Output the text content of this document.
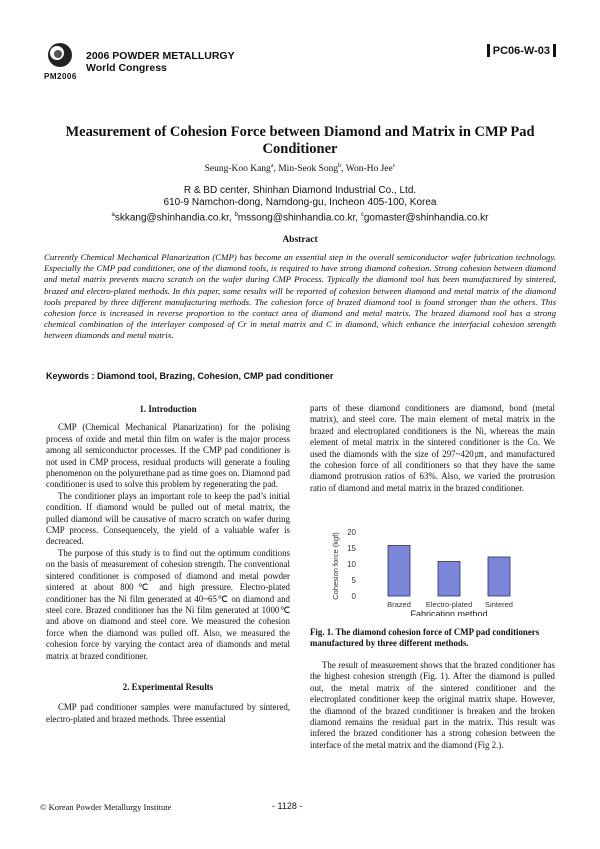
PM2006
2006 POWDER METALLURGY
World Congress
PC06-W-03
Measurement of Cohesion Force between Diamond and Matrix in CMP Pad
Conditioner
Seung-Koo Kang$^a$, Min-Seok Song$^b$, Won-Ho Jee$^c$
R & BD center, Shinhan Diamond Industrial Co., Ltd.
610-9 Namchon-dong, Namdong-gu, Incheon 405-100, Korea
$^a$skkang@shinhandia.co.kr, $^b$mssong@shinhandia.co.kr, $^c$gomaster@shinhandia.co.kr
Abstract

Currently Chemical Mechanical Planarization (CMP) has become an essential step in the overall semiconductor wafer fabrication technology. Especially the CMP pad conditioner, one of the diamond tools, is required to have strong diamond cohesion. Strong cohesion between diamond and metal matrix prevents macro scratch on the wafer during CMP Process. Typically the diamond tool has been manufactured by sintered, brazed and electro-plated methods. In this paper, some results will be reported of cohesion between diamond and metal matrix of the diamond tools prepared by three different manufacturing methods. The cohesion force of brazed diamond tool is found stronger than the others. This cohesion force is increased in reverse proportion to the contact area of diamond and metal matrix. The brazed diamond tool has a strong chemical combination of the interlayer composed of Cr in metal matrix and C in diamond, which enhance the interfacial cohesion strength between diamonds and metal matrix.

Keywords : Diamond tool, Brazing, Cohesion, CMP pad conditioner

1. Introduction

CMP (Chemical Mechanical Planarization) for the polising process of oxide and metal thin film on wafer is the major process among all semiconductor processes. If the CMP pad conditioner is not used in CMP process, residual products will generate a fouling phenomenon on the polyurethane pad as time goes on. Diamond pad conditioner is used to solve this problem by regenerating the pad.

The conditioner plays an important role to keep the pad’s initial condition. If diamond would be pulled out of metal matrix, the pulled diamond will be causative of macro scratch on wafer during CMP process. Consequencely, the yield of a valuable wafer is decreaced.

The purpose of this study is to find out the optimum conditions on the basis of measurement of cohesion strength. The conventional sintered conditioner is composed of diamond and metal powder sintered at about 800℃ and high pressure. Electro-plated conditioner has the Ni film generated at 40~65℃ on diamond and steel core. Brazed conditioner has the Ni film generated at 1000℃ and above on diamond and steel core. We measured the cohesion force when the diamond was pulled off. Also, we measured the cohesion force by varying the contact area of diamonds and metal matrix at brazed conditioner.

2. Experimental Results

CMP pad conditioner samples were manufactured by sintered, electro-plated and brazed methods. Three essential

parts of these diamond conditioners are diamond, bond (metal matrix), and steel core. The main element of metal matrix in the brazed and electroplated conditioners is the Ni, whereas the main element of metal matrix in the sintered conditioner is the Co. We used the diamonds with the size of 297~420㎛, and manufactured the cohesion force of all conditioners so that they have the same diamond protrusion ratios of 63%. Also, we varied the protrusion ratio of diamond and metal matrix in the brazed conditioner.

0
5
10
15
20
Cohesion force (kgf)
Brazed Electro-plated Sintered
Fabrication method
Fig. 1. The diamond cohesion force of CMP pad conditioners manufactured by three different methods.

The result of measurement shows that the brazed conditioner has the highest cohesion strength (Fig. 1). After the diamond is pulled out, the metal matrix of the sintered conditioner and the electroplated conditioner keep the original matrix shape. However, the diamond of the brazed conditioner is breaken and the broken diamond remains the residual part in the matrix. This result was infered the brazed conditioner has a strong cohesion between the interface of the metal matrix and the diamond (Fig 2.).

© Korean Powder Metallurgy Institute	- 1128 -
